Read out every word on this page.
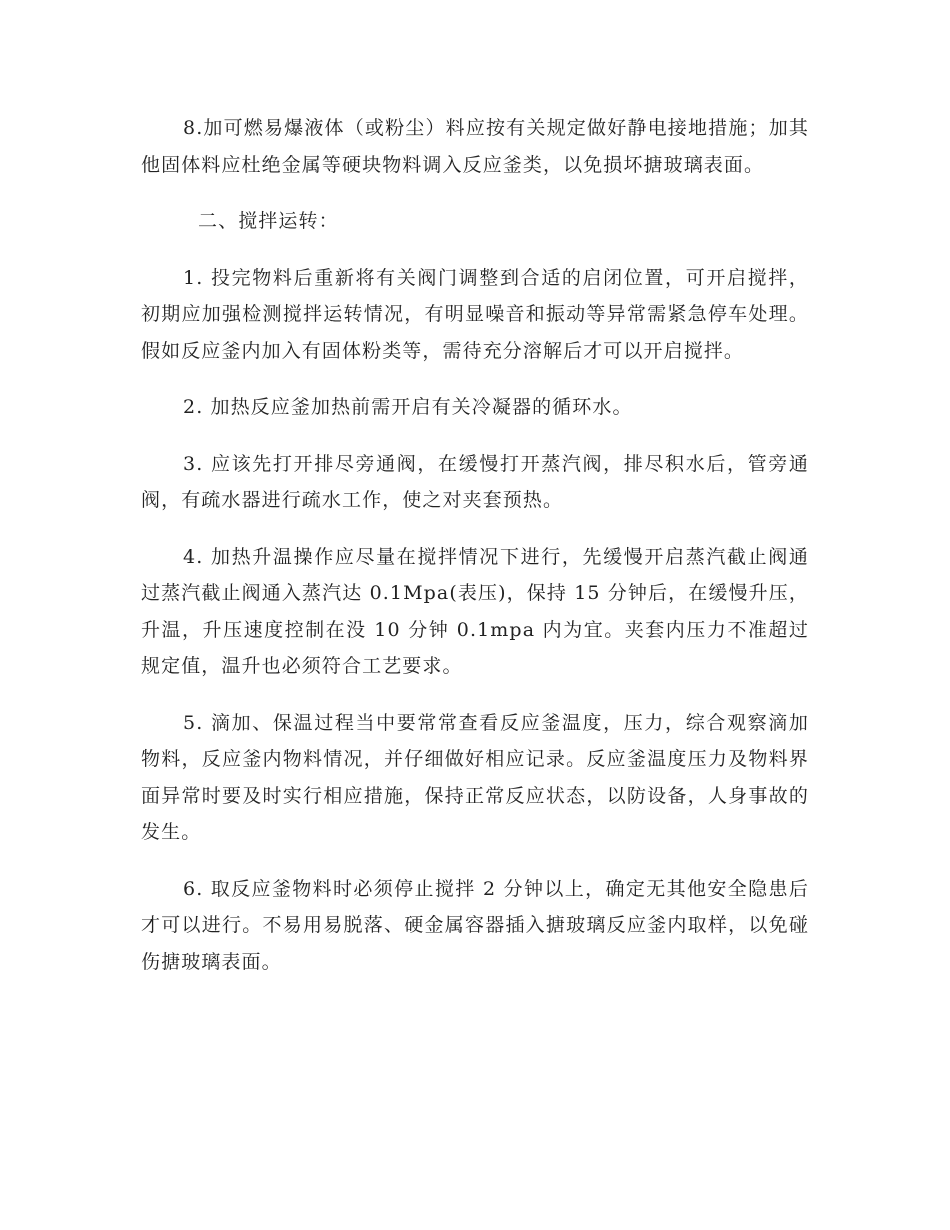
8.加可燃易爆液体（或粉尘）料应按有关规定做好静电接地措施；加其他固体料应杜绝金属等硬块物料调入反应釜类，以免损坏搪玻璃表面。

二、搅拌运转：

1. 投完物料后重新将有关阀门调整到合适的启闭位置，可开启搅拌，初期应加强检测搅拌运转情况，有明显噪音和振动等异常需紧急停车处理。假如反应釜内加入有固体粉类等，需待充分溶解后才可以开启搅拌。

2. 加热反应釜加热前需开启有关冷凝器的循环水。

3. 应该先打开排尽旁通阀，在缓慢打开蒸汽阀，排尽积水后，管旁通阀，有疏水器进行疏水工作，使之对夹套预热。

4. 加热升温操作应尽量在搅拌情况下进行，先缓慢开启蒸汽截止阀通过蒸汽截止阀通入蒸汽达 0.1Mpa(表压)，保持 15 分钟后，在缓慢升压，升温，升压速度控制在没 10 分钟 0.1mpa 内为宜。夹套内压力不准超过规定值，温升也必须符合工艺要求。

5. 滴加、保温过程当中要常常查看反应釜温度，压力，综合观察滴加物料，反应釜内物料情况，并仔细做好相应记录。反应釜温度压力及物料界面异常时要及时实行相应措施，保持正常反应状态，以防设备，人身事故的发生。

6. 取反应釜物料时必须停止搅拌 2 分钟以上，确定无其他安全隐患后才可以进行。不易用易脱落、硬金属容器插入搪玻璃反应釜内取样，以免碰伤搪玻璃表面。
